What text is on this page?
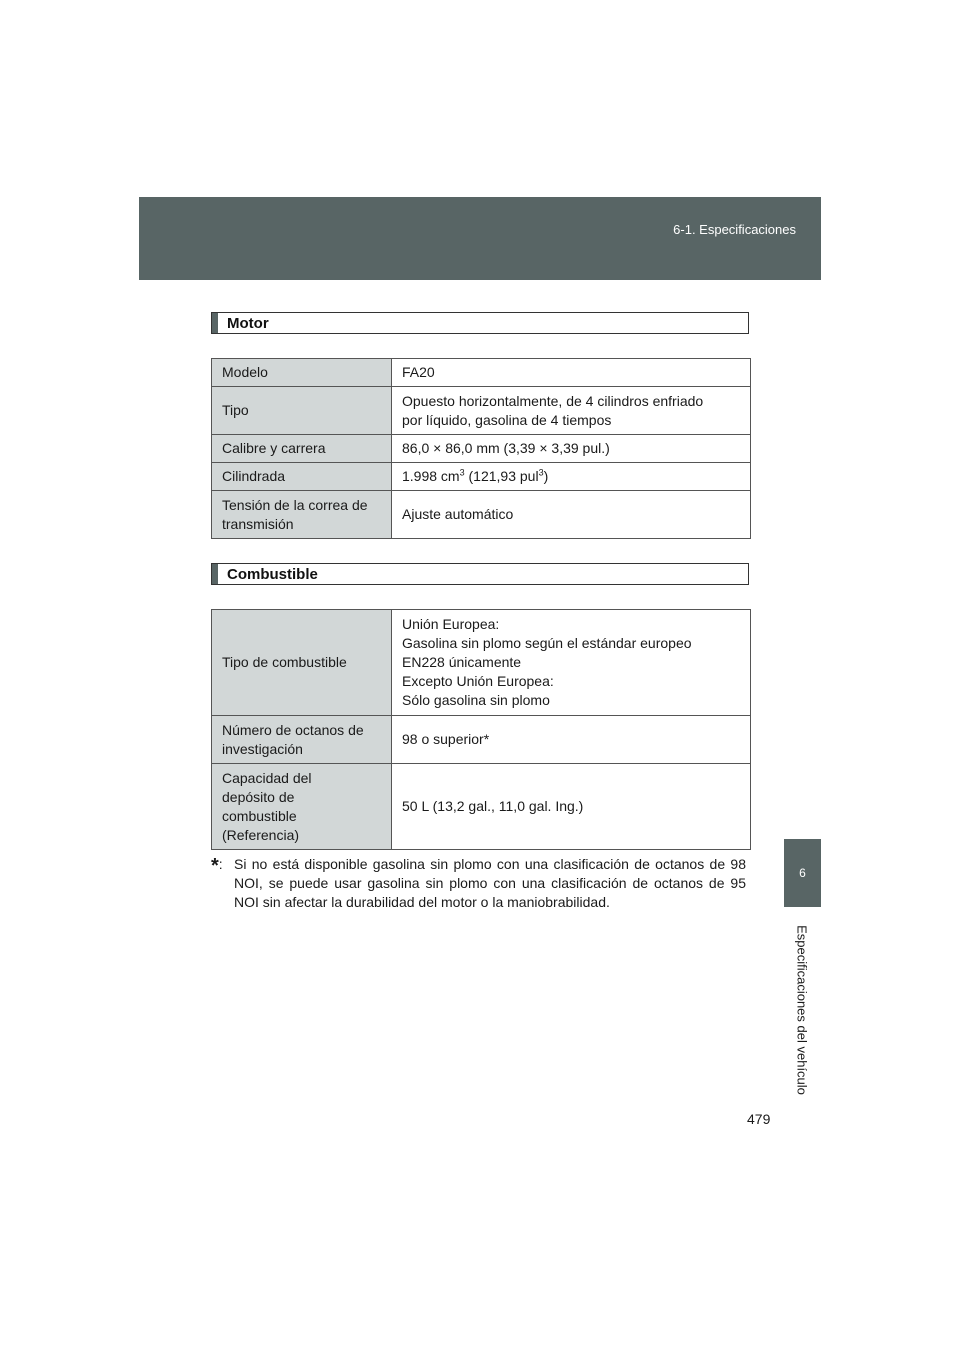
6-1. Especificaciones
6
Especificaciones del vehículo
Motor
Modelo	FA20
Tipo	Opuesto horizontalmente, de 4 cilindros enfriado
por líquido, gasolina de 4 tiempos

Calibre y carrera	86,0 × 86,0 mm (3,39 × 3,39 pul.)
Cilindrada	1.998 $cm^3$ (121,93 pul$^3$)

Tensión de la correa de
transmisión	Ajuste automático
Combustible
Tipo de combustible	Unión Europea:
Gasolina sin plomo según el estándar europeo
EN228 únicamente
Excepto Unión Europea:
Sólo gasolina sin plomo

Número de octanos de
investigación	98 o superior*

Capacidad del
depósito de
combustible
(Referencia)	50 L (13,2 gal., 11,0 gal. Ing.)
*: Si no está disponible gasolina sin plomo con una clasificación de octanos de 98 NOI, se puede usar gasolina sin plomo con una clasificación de octanos de 95 NOI sin afectar la durabilidad del motor o la maniobrabilidad.
479
